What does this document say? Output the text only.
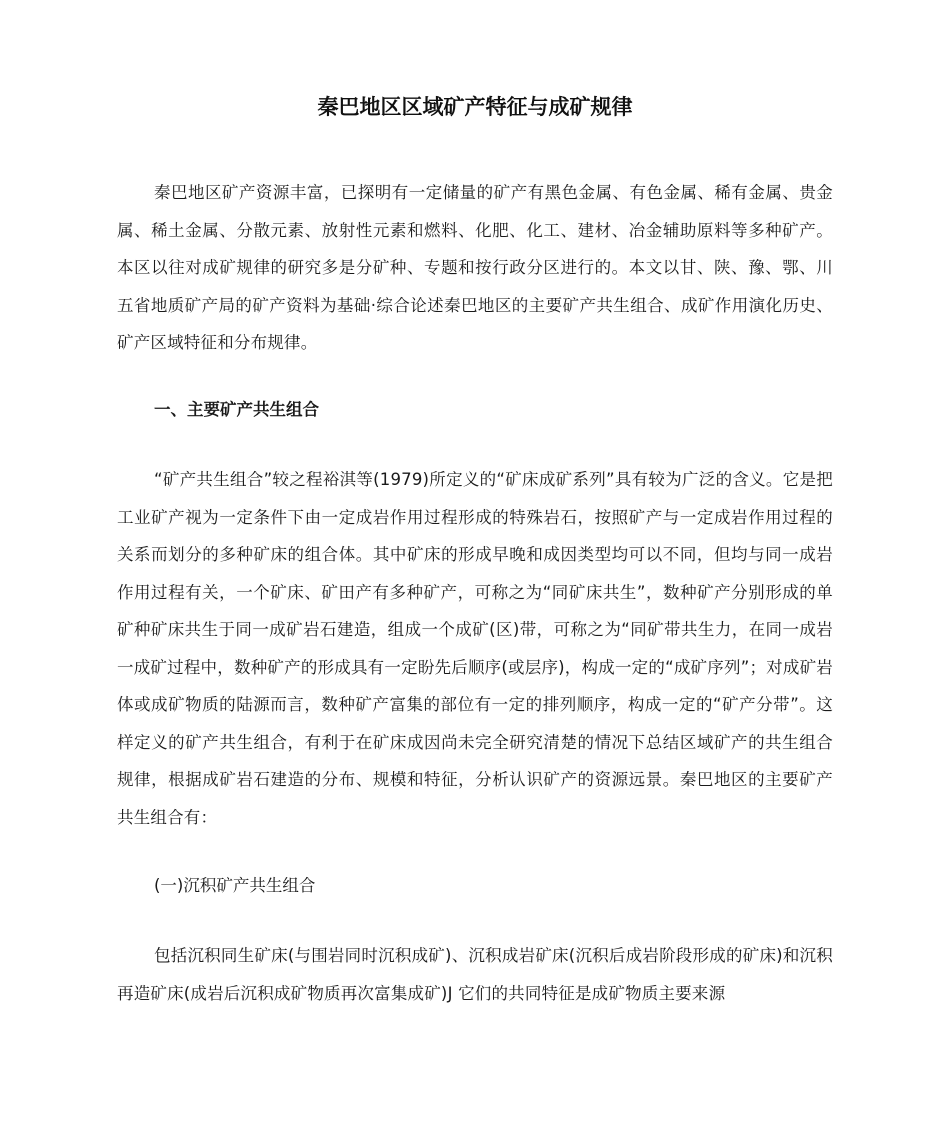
秦巴地区区域矿产特征与成矿规律

秦巴地区矿产资源丰富，已探明有一定储量的矿产有黑色金属、有色金属、稀有金属、贵金属、稀土金属、分散元素、放射性元素和燃料、化肥、化工、建材、冶金辅助原料等多种矿产。本区以往对成矿规律的研究多是分矿种、专题和按行政分区进行的。本文以甘、陕、豫、鄂、川五省地质矿产局的矿产资料为基础·综合论述秦巴地区的主要矿产共生组合、成矿作用演化历史、矿产区域特征和分布规律。

一、主要矿产共生组合

“矿产共生组合”较之程裕淇等(1979)所定义的“矿床成矿系列”具有较为广泛的含义。它是把工业矿产视为一定条件下由一定成岩作用过程形成的特殊岩石，按照矿产与一定成岩作用过程的关系而划分的多种矿床的组合体。其中矿床的形成早晚和成因类型均可以不同，但均与同一成岩作用过程有关，一个矿床、矿田产有多种矿产，可称之为“同矿床共生”，数种矿产分别形成的单矿种矿床共生于同一成矿岩石建造，组成一个成矿(区)带，可称之为“同矿带共生力，在同一成岩一成矿过程中，数种矿产的形成具有一定盼先后顺序(或层序)，构成一定的“成矿序列”；对成矿岩体或成矿物质的陆源而言，数种矿产富集的部位有一定的排列顺序，构成一定的“矿产分带”。这样定义的矿产共生组合，有利于在矿床成因尚未完全研究清楚的情况下总结区域矿产的共生组合规律，根据成矿岩石建造的分布、规模和特征，分析认识矿产的资源远景。秦巴地区的主要矿产共生组合有：

(一)沉积矿产共生组合

包括沉积同生矿床(与围岩同时沉积成矿)、沉积成岩矿床(沉积后成岩阶段形成的矿床)和沉积再造矿床(成岩后沉积成矿物质再次富集成矿)J 它们的共同特征是成矿物质主要来源
